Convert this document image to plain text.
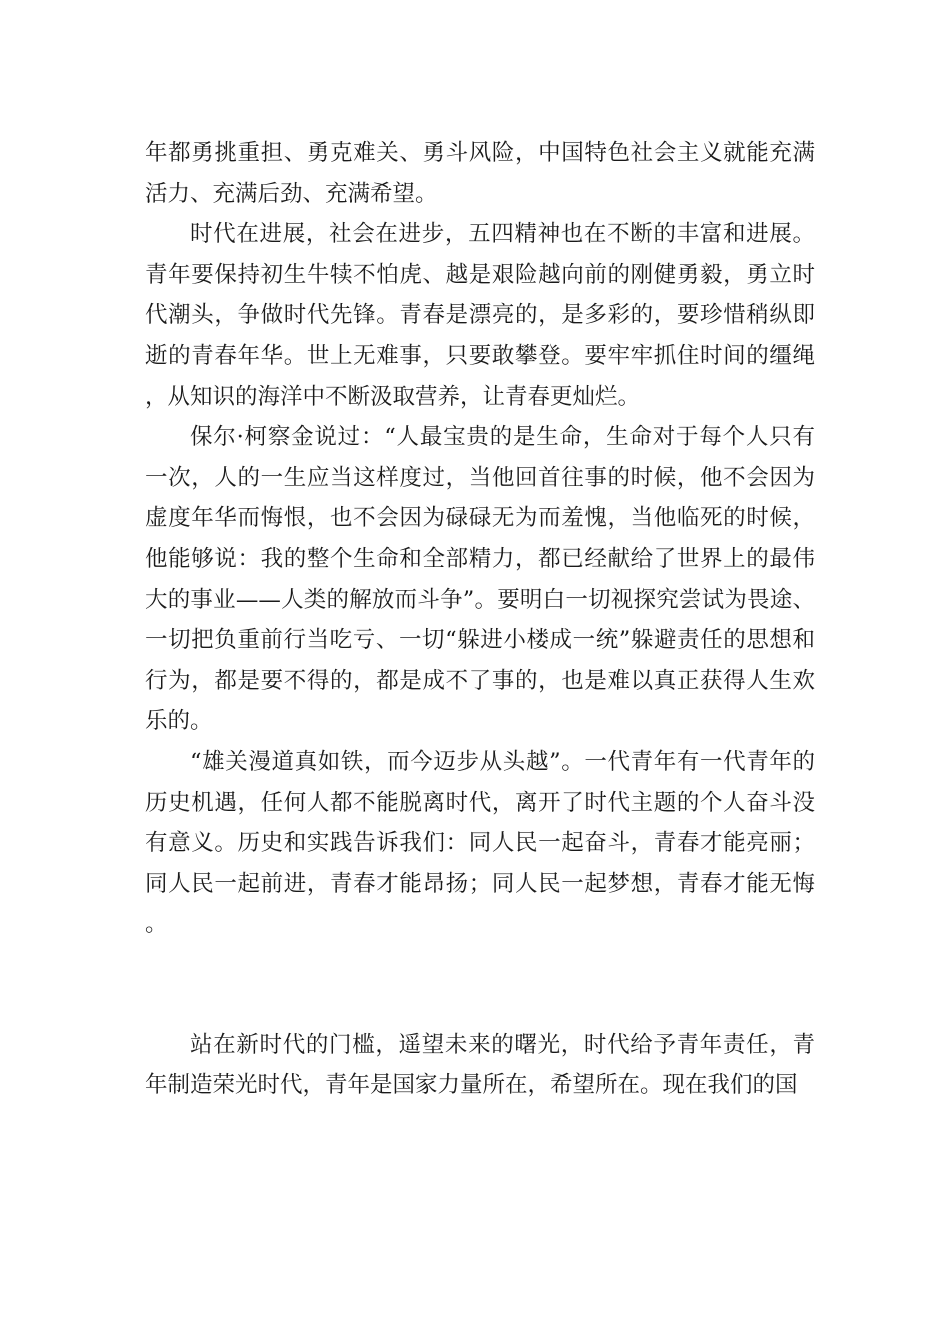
年都勇挑重担、勇克难关、勇斗风险，中国特色社会主义就能充满活力、充满后劲、充满希望。

时代在进展，社会在进步，五四精神也在不断的丰富和进展。青年要保持初生牛犊不怕虎、越是艰险越向前的刚健勇毅，勇立时代潮头，争做时代先锋。青春是漂亮的，是多彩的，要珍惜稍纵即逝的青春年华。世上无难事，只要敢攀登。要牢牢抓住时间的缰绳，从知识的海洋中不断汲取营养，让青春更灿烂。

保尔·柯察金说过：“人最宝贵的是生命，生命对于每个人只有一次，人的一生应当这样度过，当他回首往事的时候，他不会因为虚度年华而悔恨，也不会因为碌碌无为而羞愧，当他临死的时候，他能够说：我的整个生命和全部精力，都已经献给了世界上的最伟大的事业——人类的解放而斗争”。要明白一切视探究尝试为畏途、一切把负重前行当吃亏、一切“躲进小楼成一统”躲避责任的思想和行为，都是要不得的，都是成不了事的，也是难以真正获得人生欢乐的。

“雄关漫道真如铁，而今迈步从头越”。一代青年有一代青年的历史机遇，任何人都不能脱离时代，离开了时代主题的个人奋斗没有意义。历史和实践告诉我们：同人民一起奋斗，青春才能亮丽；同人民一起前进，青春才能昂扬；同人民一起梦想，青春才能无悔。

站在新时代的门槛，遥望未来的曙光，时代给予青年责任，青年制造荣光时代，青年是国家力量所在，希望所在。现在我们的国
